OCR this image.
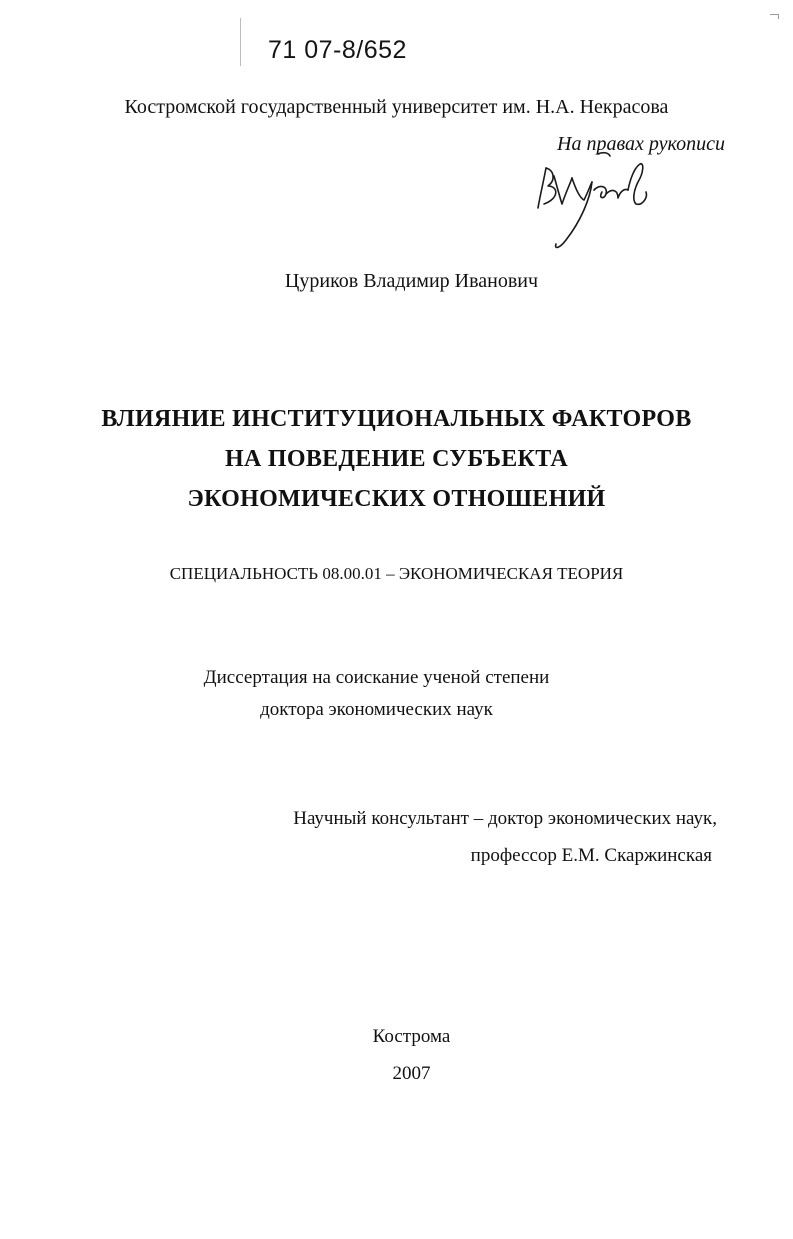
71 07-8/652
Костромской государственный университет им. Н.А. Некрасова
На правах рукописи
Цуриков Владимир Иванович
ВЛИЯНИЕ ИНСТИТУЦИОНАЛЬНЫХ ФАКТОРОВ
НА ПОВЕДЕНИЕ СУБЪЕКТА
ЭКОНОМИЧЕСКИХ ОТНОШЕНИЙ
СПЕЦИАЛЬНОСТЬ 08.00.01 – ЭКОНОМИЧЕСКАЯ ТЕОРИЯ
Диссертация на соискание ученой степени
доктора экономических наук
Научный консультант – доктор экономических наук,
профессор Е.М. Скаржинская
Кострома
2007
